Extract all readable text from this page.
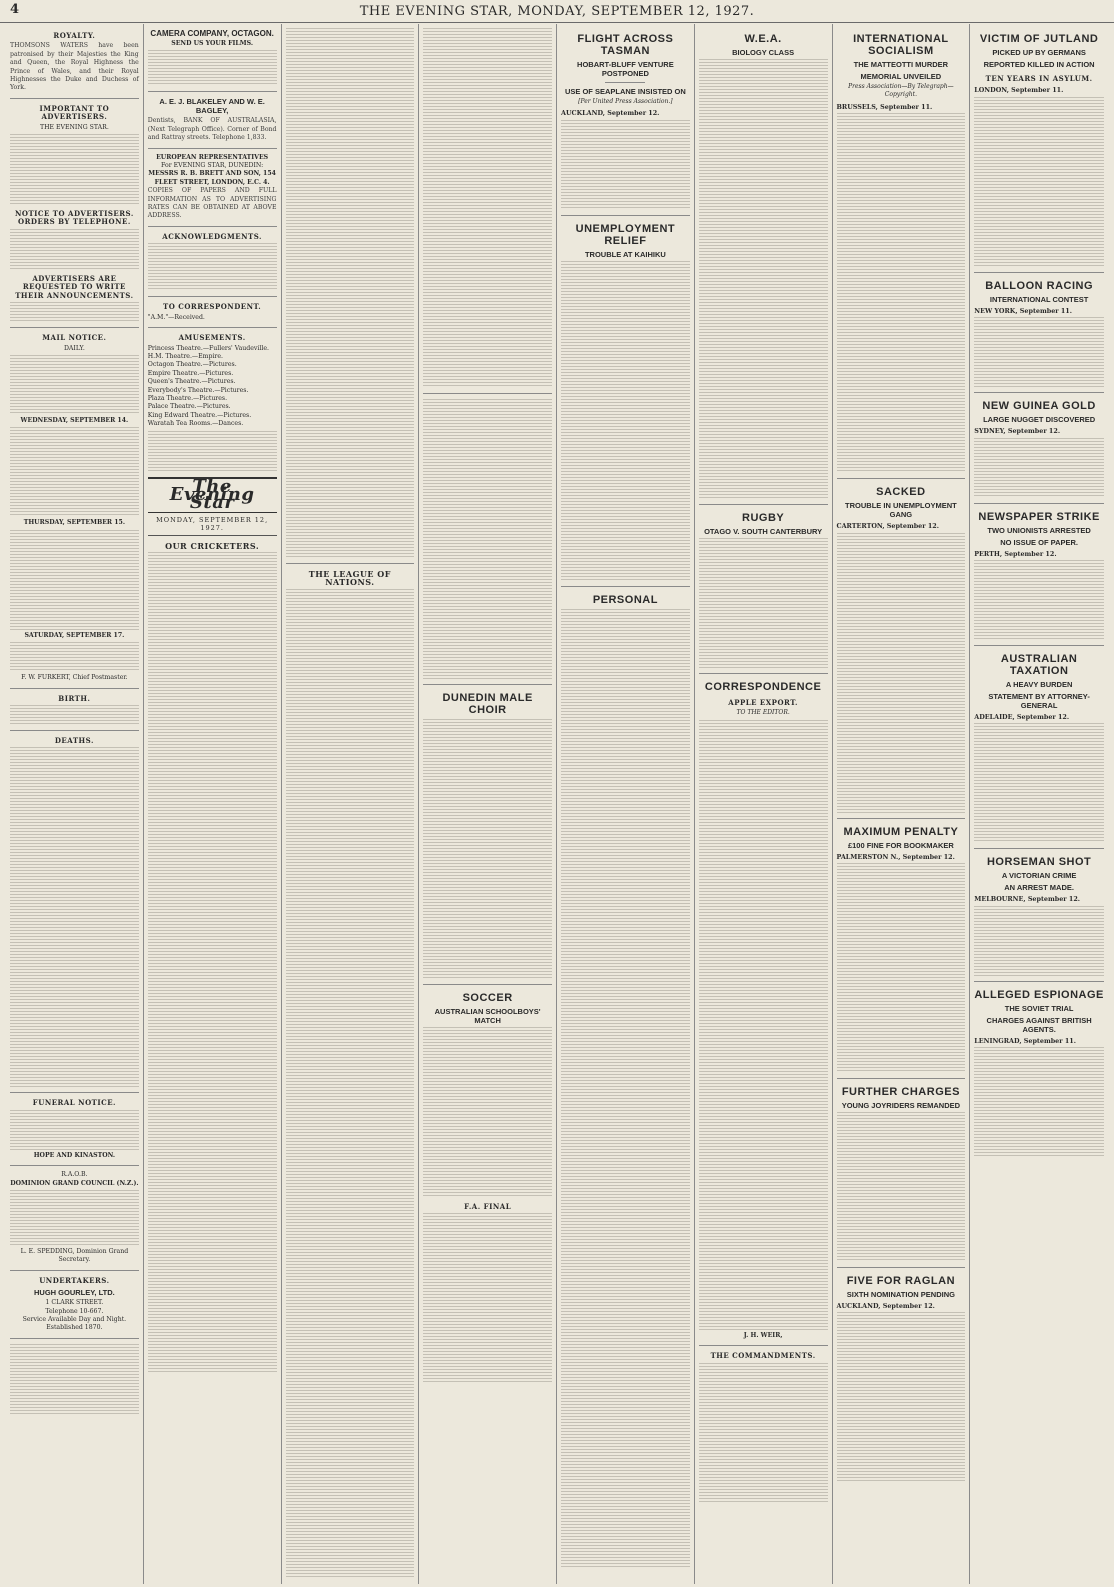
4	THE EVENING STAR, MONDAY, SEPTEMBER 12, 1927.
ROYALTY.

THOMSONS WATERS have been patronised by their Majesties the King and Queen, the Royal Highness the Prince of Wales, and their Royal Highnesses the Duke and Duchess of York.

IMPORTANT TO ADVERTISERS.
THE EVENING STAR.
NOTICE TO ADVERTISERS. ORDERS BY TELEPHONE.
ADVERTISERS ARE REQUESTED TO WRITE THEIR ANNOUNCEMENTS.
MAIL NOTICE.
DAILY.
WEDNESDAY, SEPTEMBER 14.
THURSDAY, SEPTEMBER 15.
SATURDAY, SEPTEMBER 17.
F. W. FURKERT, Chief Postmaster.
BIRTH.
DEATHS.
FUNERAL NOTICE.
HOPE AND KINASTON.
R.A.O.B.
DOMINION GRAND COUNCIL (N.Z.).
L. E. SPEDDING, Dominion Grand Secretary.
UNDERTAKERS.
HUGH GOURLEY, LTD.
1 CLARK STREET.
Telephone 10-667.
Service Available Day and Night. Established 1870.
CAMERA COMPANY, OCTAGON.
SEND US YOUR FILMS.
A. E. J. BLAKELEY AND W. E. BAGLEY,

Dentists, BANK OF AUSTRALASIA, (Next Telegraph Office). Corner of Bond and Rattray streets. Telephone 1,833.

EUROPEAN REPRESENTATIVES
For EVENING STAR, DUNEDIN:
MESSRS R. B. BRETT AND SON, 154 FLEET STREET, LONDON, E.C. 4.

COPIES OF PAPERS AND FULL INFORMATION AS TO ADVERTISING RATES CAN BE OBTAINED AT ABOVE ADDRESS.

ACKNOWLEDGMENTS.
TO CORRESPONDENT.
"A.M."—Received.
AMUSEMENTS.
Princess Theatre.—Fullers' Vaudeville.
H.M. Theatre.—Empire.
Octagon Theatre.—Pictures.
Empire Theatre.—Pictures.
Queen's Theatre.—Pictures.
Everybody's Theatre.—Pictures.
Plaza Theatre.—Pictures.
Palace Theatre.—Pictures.
King Edward Theatre.—Pictures.
Waratah Tea Rooms.—Dances.
The Evening Star
MONDAY, SEPTEMBER 12, 1927.
OUR CRICKETERS.
THE LEAGUE OF NATIONS.
DUNEDIN MALE CHOIR
SOCCER
AUSTRALIAN SCHOOLBOYS' MATCH
F.A. FINAL
FLIGHT ACROSS TASMAN
HOBART-BLUFF VENTURE POSTPONED
USE OF SEAPLANE INSISTED ON
[Per United Press Association.]
AUCKLAND, September 12.
UNEMPLOYMENT RELIEF
TROUBLE AT KAIHIKU
PERSONAL
W.E.A.
BIOLOGY CLASS
RUGBY
OTAGO V. SOUTH CANTERBURY
CORRESPONDENCE
APPLE EXPORT.
TO THE EDITOR.
J. H. WEIR,
THE COMMANDMENTS.
INTERNATIONAL SOCIALISM
THE MATTEOTTI MURDER
MEMORIAL UNVEILED
Press Association—By Telegraph—Copyright.
BRUSSELS, September 11.
SACKED
TROUBLE IN UNEMPLOYMENT GANG
CARTERTON, September 12.
MAXIMUM PENALTY
£100 FINE FOR BOOKMAKER
PALMERSTON N., September 12.
FURTHER CHARGES
YOUNG JOYRIDERS REMANDED
FIVE FOR RAGLAN
SIXTH NOMINATION PENDING
AUCKLAND, September 12.
VICTIM OF JUTLAND
PICKED UP BY GERMANS
REPORTED KILLED IN ACTION
TEN YEARS IN ASYLUM.
LONDON, September 11.
BALLOON RACING
INTERNATIONAL CONTEST
NEW YORK, September 11.
NEW GUINEA GOLD
LARGE NUGGET DISCOVERED
SYDNEY, September 12.
NEWSPAPER STRIKE
TWO UNIONISTS ARRESTED
NO ISSUE OF PAPER.
PERTH, September 12.
AUSTRALIAN TAXATION
A HEAVY BURDEN
STATEMENT BY ATTORNEY-GENERAL
ADELAIDE, September 12.
HORSEMAN SHOT
A VICTORIAN CRIME
AN ARREST MADE.
MELBOURNE, September 12.
ALLEGED ESPIONAGE
THE SOVIET TRIAL
CHARGES AGAINST BRITISH AGENTS.
LENINGRAD, September 11.
